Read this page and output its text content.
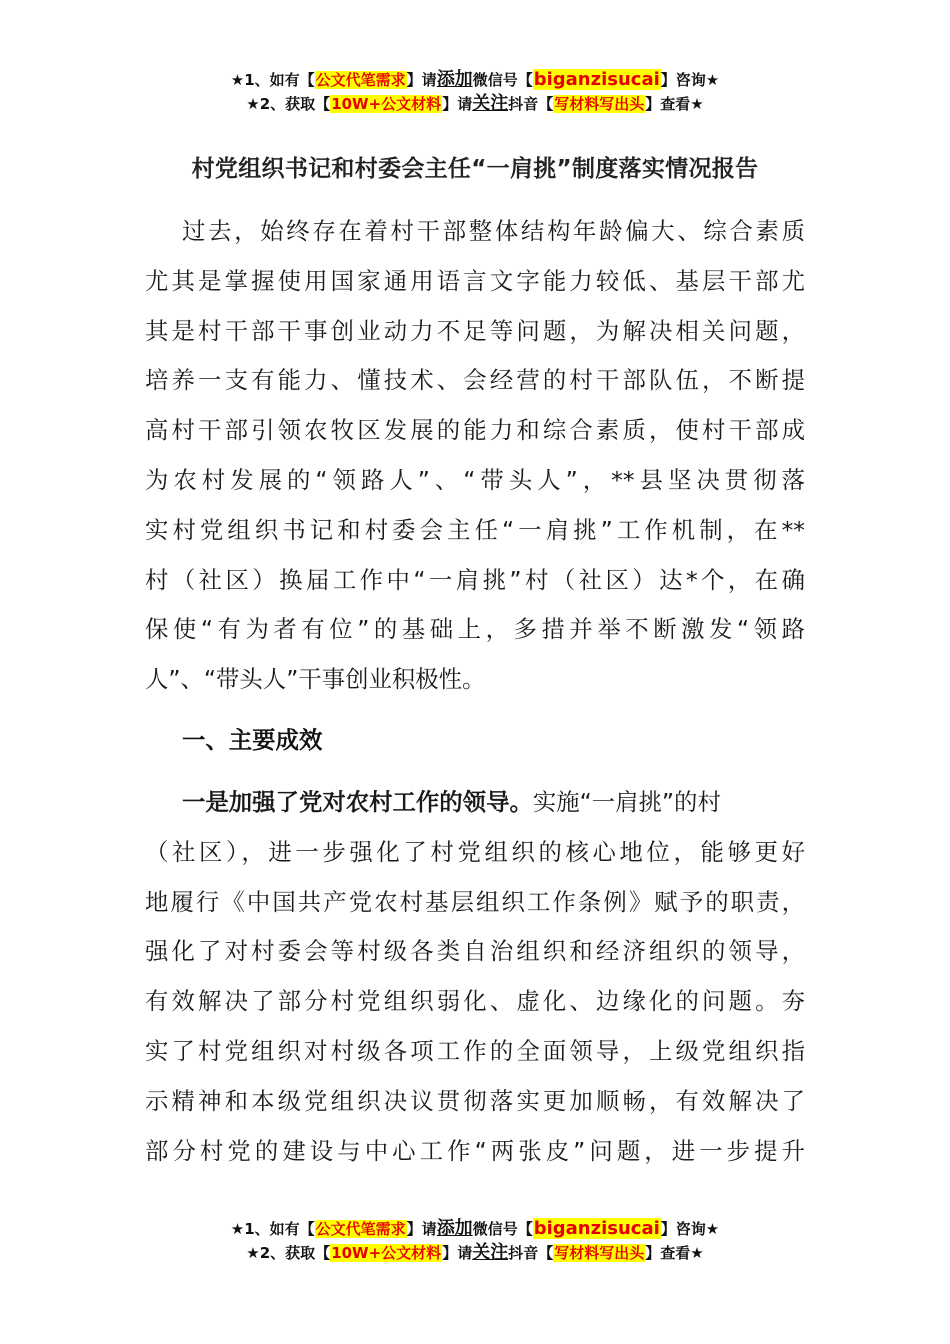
★1、如有【公文代笔需求】请添加微信号【biganzisucai】咨询★
★2、获取【10W+公文材料】请关注抖音【写材料写出头】查看★
村党组织书记和村委会主任“一肩挑”制度落实情况报告
过去，始终存在着村干部整体结构年龄偏大、综合素质
尤其是掌握使用国家通用语言文字能力较低、基层干部尤
其是村干部干事创业动力不足等问题，为解决相关问题，
培养一支有能力、懂技术、会经营的村干部队伍，不断提
高村干部引领农牧区发展的能力和综合素质，使村干部成
为农村发展的“领路人”、“带头人”，**县坚决贯彻落
实村党组织书记和村委会主任“一肩挑”工作机制，在**
村（社区）换届工作中“一肩挑”村（社区）达*个，在确
保使“有为者有位”的基础上，多措并举不断激发“领路
人”、“带头人”干事创业积极性。
一、主要成效
一是加强了党对农村工作的领导。实施“一肩挑”的村
（社区），进一步强化了村党组织的核心地位，能够更好
地履行《中国共产党农村基层组织工作条例》赋予的职责，
强化了对村委会等村级各类自治组织和经济组织的领导，
有效解决了部分村党组织弱化、虚化、边缘化的问题。夯
实了村党组织对村级各项工作的全面领导，上级党组织指
示精神和本级党组织决议贯彻落实更加顺畅，有效解决了
部分村党的建设与中心工作“两张皮”问题，进一步提升
★1、如有【公文代笔需求】请添加微信号【biganzisucai】咨询★
★2、获取【10W+公文材料】请关注抖音【写材料写出头】查看★
